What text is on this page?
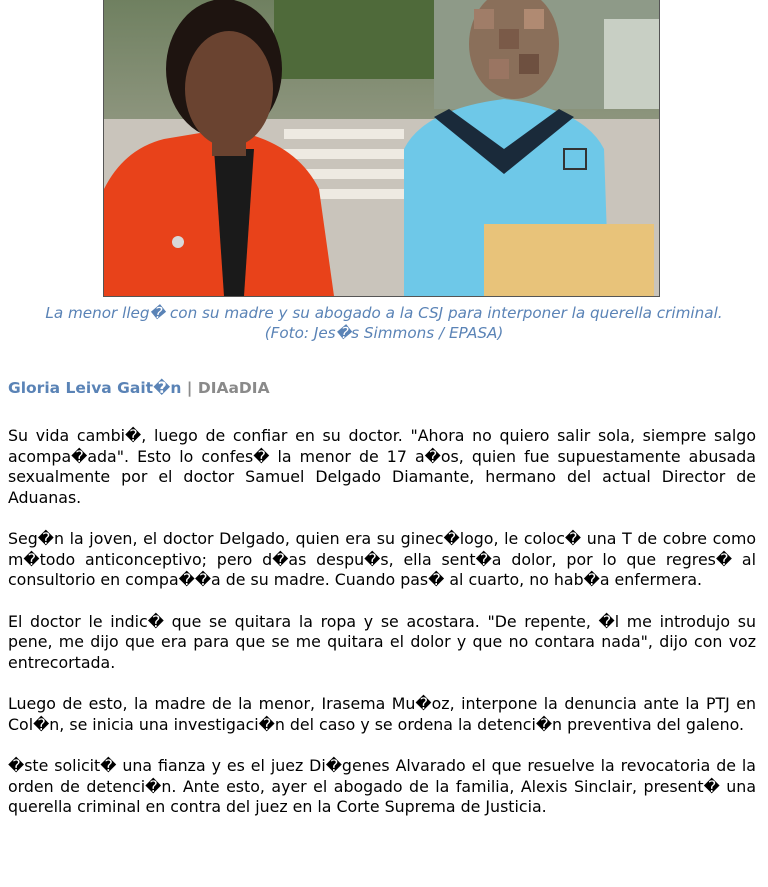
La menor lleg� con su madre y su abogado a la CSJ para interponer la querella criminal.

(Foto: Jes�s Simmons / EPASA)

Gloria Leiva Gait�n | DIAaDIA

Su vida cambi�, luego de confiar en su doctor. "Ahora no quiero salir sola, siempre salgo acompa�ada". Esto lo confes� la menor de 17 a�os, quien fue supuestamente abusada sexualmente por el doctor Samuel Delgado Diamante, hermano del actual Director de Aduanas.

Seg�n la joven, el doctor Delgado, quien era su ginec�logo, le coloc� una T de cobre como m�todo anticonceptivo; pero d�as despu�s, ella sent�a dolor, por lo que regres� al consultorio en compa��a de su madre. Cuando pas� al cuarto, no hab�a enfermera.

El doctor le indic� que se quitara la ropa y se acostara. "De repente, �l me introdujo su pene, me dijo que era para que se me quitara el dolor y que no contara nada", dijo con voz entrecortada.

Luego de esto, la madre de la menor, Irasema Mu�oz, interpone la denuncia ante la PTJ en Col�n, se inicia una investigaci�n del caso y se ordena la detenci�n preventiva del galeno.

�ste solicit� una fianza y es el juez Di�genes Alvarado el que resuelve la revocatoria de la orden de detenci�n. Ante esto, ayer el abogado de la familia, Alexis Sinclair, present� una querella criminal en contra del juez en la Corte Suprema de Justicia.
